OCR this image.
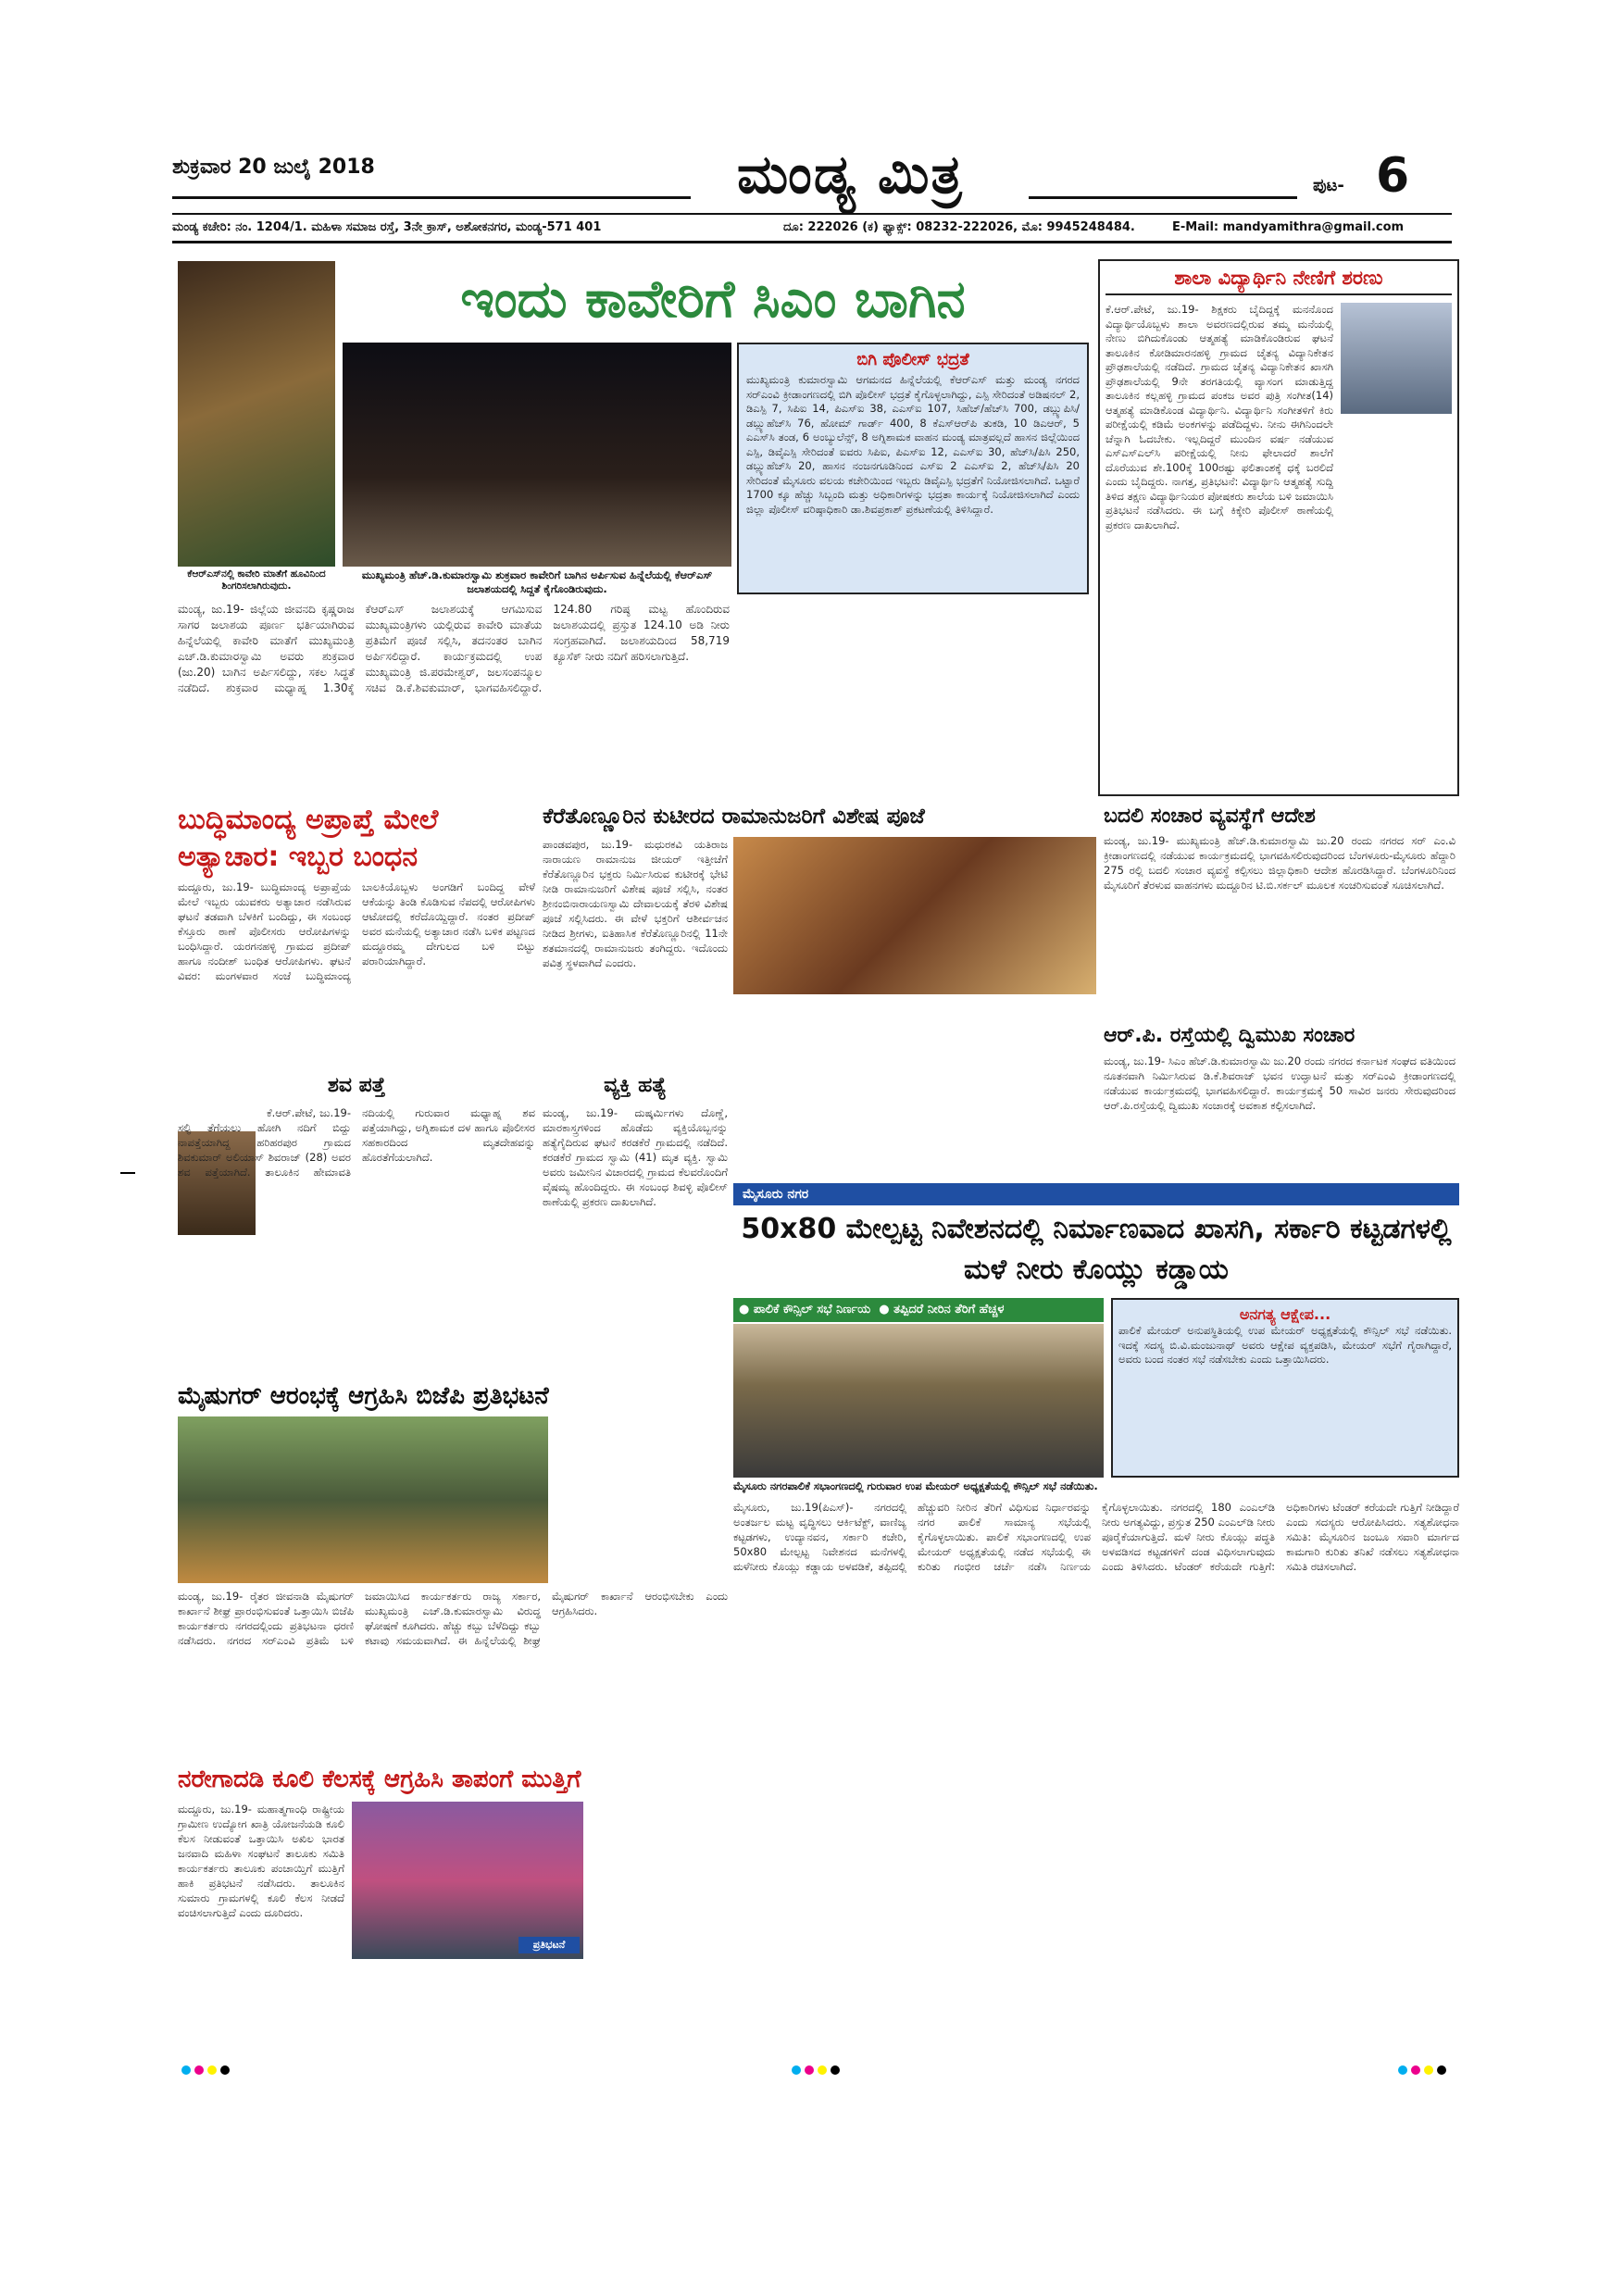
ಶುಕ್ರವಾರ 20 ಜುಲೈ 2018	ಮಂಡ್ಯ ಮಿತ್ರ	ಪುಟ- 6
ಮಂಡ್ಯ ಕಚೇರಿ: ನಂ. 1204/1. ಮಹಿಳಾ ಸಮಾಜ ರಸ್ತೆ, 3ನೇ ಕ್ರಾಸ್, ಅಶೋಕನಗರ, ಮಂಡ್ಯ-571 401	ದೂ: 222026 (ಕ) ಫ್ಯಾಕ್ಸ್: 08232-222026, ಮೊ: 9945248484.	E-Mail: mandyamithra@gmail.com
ಕೆಆರ್‌ಎಸ್‌ನಲ್ಲಿ ಕಾವೇರಿ ಮಾತೆಗೆ ಹೂವಿನಿಂದ ಶಿಂಗರಿಸಲಾಗಿರುವುದು.
ಇಂದು ಕಾವೇರಿಗೆ ಸಿಎಂ ಬಾಗಿನ
ಮುಖ್ಯಮಂತ್ರಿ ಹೆಚ್.ಡಿ.ಕುಮಾರಸ್ವಾಮಿ ಶುಕ್ರವಾರ ಕಾವೇರಿಗೆ ಬಾಗಿನ ಅರ್ಪಿಸುವ ಹಿನ್ನೆಲೆಯಲ್ಲಿ ಕೆಆರ್‌ಎಸ್ ಜಲಾಶಯದಲ್ಲಿ ಸಿದ್ದತೆ ಕೈಗೊಂಡಿರುವುದು.
ಬಿಗಿ ಪೊಲೀಸ್ ಭದ್ರತೆ
ಮುಖ್ಯಮಂತ್ರಿ ಕುಮಾರಸ್ವಾಮಿ ಆಗಮನದ ಹಿನ್ನೆಲೆಯಲ್ಲಿ ಕೆಆರ್‌ಎಸ್ ಮತ್ತು ಮಂಡ್ಯ ನಗರದ ಸರ್‌ಎಂವಿ ಕ್ರೀಡಾಂಗಣದಲ್ಲಿ ಬಿಗಿ ಪೊಲೀಸ್ ಭದ್ರತೆ ಕೈಗೊಳ್ಳಲಾಗಿದ್ದು, ಎಸ್ಪಿ ಸೇರಿದಂತೆ ಅಡಿಷನಲ್ 2, ಡಿಎಸ್ಪಿ 7, ಸಿಪಿಐ 14, ಪಿಎಸ್‌ಐ 38, ಎಎಸ್‌ಐ 107, ಸಿಹೆಚ್/ಹೆಚ್‌ಸಿ 700, ಡಬ್ಲ್ಯುಪಿಸಿ/ಡಬ್ಲ್ಯುಹೆಚ್‌ಸಿ 76, ಹೋಮ್ ಗಾರ್ಡ್ 400, 8 ಕೆಎಸ್‌ಆರ್‌ಪಿ ತುಕಡಿ, 10 ಡಿಎಆರ್, 5 ಎಎಸ್‌ಸಿ ತಂಡ, 6 ಅಂಬ್ಯುಲೆನ್ಸ್, 8 ಅಗ್ನಿಶಾಮಕ ವಾಹನ ಮಂಡ್ಯ ಮಾತ್ರವಲ್ಲದೆ ಹಾಸನ ಜಿಲ್ಲೆಯಿಂದ ಎಸ್ಪಿ, ಡಿವೈಎಸ್ಪಿ ಸೇರಿದಂತೆ ಐವರು ಸಿಪಿಐ, ಪಿಎಸ್‌ಐ 12, ಎಎಸ್‌ಐ 30, ಹೆಚ್‌ಸಿ/ಪಿಸಿ 250, ಡಬ್ಲ್ಯುಹೆಚ್‌ಸಿ 20, ಹಾಸನ ನಂಜನಗೂಡಿನಿಂದ ಎಸ್‌ಐ 2 ಎಎಸ್‌ಐ 2, ಹೆಚ್‌ಸಿ/ಪಿಸಿ 20 ಸೇರಿದಂತೆ ಮೈಸೂರು ವಲಯ ಕಚೇರಿಯಿಂದ ಇಬ್ಬರು ಡಿವೈಎಸ್ಪಿ ಭದ್ರತೆಗೆ ನಿಯೋಜಿಸಲಾಗಿದೆ. ಒಟ್ಟಾರೆ 1700 ಕ್ಕೂ ಹೆಚ್ಚು ಸಿಬ್ಬಂದಿ ಮತ್ತು ಅಧಿಕಾರಿಗಳನ್ನು ಭದ್ರತಾ ಕಾರ್ಯಕ್ಕೆ ನಿಯೋಜಿಸಲಾಗಿದೆ ಎಂದು ಜಿಲ್ಲಾ ಪೊಲೀಸ್ ವರಿಷ್ಠಾಧಿಕಾರಿ ಡಾ.ಶಿವಪ್ರಕಾಶ್ ಪ್ರಕಟಣೆಯಲ್ಲಿ ತಿಳಿಸಿದ್ದಾರೆ.
ಮಂಡ್ಯ, ಜು.19- ಜಿಲ್ಲೆಯ ಜೀವನದಿ ಕೃಷ್ಣರಾಜ ಸಾಗರ ಜಲಾಶಯ ಪೂರ್ಣ ಭರ್ತಿಯಾಗಿರುವ ಹಿನ್ನೆಲೆಯಲ್ಲಿ ಕಾವೇರಿ ಮಾತೆಗೆ ಮುಖ್ಯಮಂತ್ರಿ ಎಚ್.ಡಿ.ಕುಮಾರಸ್ವಾಮಿ ಅವರು ಶುಕ್ರವಾರ (ಜು.20) ಬಾಗಿನ ಅರ್ಪಿಸಲಿದ್ದು, ಸಕಲ ಸಿದ್ಧತೆ ನಡೆದಿದೆ. ಶುಕ್ರವಾರ ಮಧ್ಯಾಹ್ನ 1.30ಕ್ಕೆ ಕೆಆರ್‌ಎಸ್ ಜಲಾಶಯಕ್ಕೆ ಆಗಮಿಸುವ ಮುಖ್ಯಮಂತ್ರಿಗಳು ಯಲ್ಲಿರುವ ಕಾವೇರಿ ಮಾತೆಯ ಪ್ರತಿಮೆಗೆ ಪೂಜೆ ಸಲ್ಲಿಸಿ, ತದನಂತರ ಬಾಗಿನ ಅರ್ಪಿಸಲಿದ್ದಾರೆ. ಕಾರ್ಯಕ್ರಮದಲ್ಲಿ ಉಪ ಮುಖ್ಯಮಂತ್ರಿ ಜಿ.ಪರಮೇಶ್ವರ್, ಜಲಸಂಪನ್ಮೂಲ ಸಚಿವ ಡಿ.ಕೆ.ಶಿವಕುಮಾರ್, ಭಾಗವಹಿಸಲಿದ್ದಾರೆ. 124.80 ಗರಿಷ್ಠ ಮಟ್ಟ ಹೊಂದಿರುವ ಜಲಾಶಯದಲ್ಲಿ ಪ್ರಸ್ತುತ 124.10 ಅಡಿ ನೀರು ಸಂಗ್ರಹವಾಗಿದೆ. ಜಲಾಶಯದಿಂದ 58,719 ಕ್ಯೂಸೆಕ್ ನೀರು ನದಿಗೆ ಹರಿಸಲಾಗುತ್ತಿದೆ.
ಶಾಲಾ ವಿದ್ಯಾರ್ಥಿನಿ ನೇಣಿಗೆ ಶರಣು
ಕೆ.ಆರ್.ಪೇಟೆ, ಜು.19- ಶಿಕ್ಷಕರು ಬೈದಿದ್ದಕ್ಕೆ ಮನನೊಂದ ವಿದ್ಯಾರ್ಥಿಯೊಬ್ಬಳು ಶಾಲಾ ಅವರಣದಲ್ಲಿರುವ ತಮ್ಮ ಮನೆಯಲ್ಲಿ ನೇಣು ಬಿಗಿದುಕೊಂಡು ಆತ್ಮಹತ್ಯೆ ಮಾಡಿಕೊಂಡಿರುವ ಘಟನೆ ತಾಲೂಕಿನ ಕೋಡಿಮಾರನಹಳ್ಳಿ ಗ್ರಾಮದ ಚೈತನ್ಯ ವಿದ್ಯಾನಿಕೇತನ ಪ್ರೌಢಶಾಲೆಯಲ್ಲಿ ನಡೆದಿದೆ. ಗ್ರಾಮದ ಚೈತನ್ಯ ವಿದ್ಯಾನಿಕೇತನ ಖಾಸಗಿ ಪ್ರೌಢಶಾಲೆಯಲ್ಲಿ 9ನೇ ತರಗತಿಯಲ್ಲಿ ವ್ಯಾಸಂಗ ಮಾಡುತ್ತಿದ್ದ ತಾಲೂಕಿನ ಕಲ್ಲಹಳ್ಳಿ ಗ್ರಾಮದ ಪಂಕಜ ಅವರ ಪುತ್ರಿ ಸಂಗೀತ(14) ಆತ್ಮಹತ್ಯೆ ಮಾಡಿಕೊಂಡ ವಿದ್ಯಾರ್ಥಿನಿ. ವಿದ್ಯಾರ್ಥಿನಿ ಸಂಗೀತಳಿಗೆ ಕಿರು ಪರೀಕ್ಷೆಯಲ್ಲಿ ಕಡಿಮೆ ಅಂಕಗಳನ್ನು ಪಡೆದಿದ್ದಳು. ನೀನು ಈಗಿನಿಂದಲೇ ಚೆನ್ನಾಗಿ ಓದಬೇಕು. ಇಲ್ಲದಿದ್ದರೆ ಮುಂದಿನ ವರ್ಷ ನಡೆಯುವ ಎಸ್‌ಎಸ್‌ಎಲ್‌ಸಿ ಪರೀಕ್ಷೆಯಲ್ಲಿ ನೀನು ಫೇಲಾದರೆ ಶಾಲೆಗೆ ದೊರೆಯುವ ಶೇ.100ಕ್ಕೆ 100ರಷ್ಟು ಫಲಿತಾಂಶಕ್ಕೆ ಧಕ್ಕೆ ಬರಲಿದೆ ಎಂದು ಬೈದಿದ್ದರು. ನಾಗತ್ತ, ಪ್ರತಿಭಟನೆ: ವಿದ್ಯಾರ್ಥಿನಿ ಆತ್ಮಹತ್ಯೆ ಸುದ್ದಿ ತಿಳಿದ ತಕ್ಷಣ ವಿದ್ಯಾರ್ಥಿನಿಯರ ಪೋಷಕರು ಶಾಲೆಯ ಬಳಿ ಜಮಾಯಿಸಿ ಪ್ರತಿಭಟನೆ ನಡೆಸಿದರು. ಈ ಬಗ್ಗೆ ಕಿಕ್ಕೇರಿ ಪೊಲೀಸ್ ಠಾಣೆಯಲ್ಲಿ ಪ್ರಕರಣ ದಾಖಲಾಗಿದೆ.
ಬುದ್ಧಿಮಾಂದ್ಯ ಅಪ್ರಾಪ್ತೆ ಮೇಲೆ ಅತ್ಯಾಚಾರ: ಇಬ್ಬರ ಬಂಧನ
ಮದ್ದೂರು, ಜು.19- ಬುದ್ಧಿಮಾಂದ್ಯ ಅಪ್ರಾಪ್ತೆಯ ಮೇಲೆ ಇಬ್ಬರು ಯುವಕರು ಅತ್ಯಾಚಾರ ನಡೆಸಿರುವ ಘಟನೆ ತಡವಾಗಿ ಬೆಳಕಿಗೆ ಬಂದಿದ್ದು, ಈ ಸಂಬಂಧ ಕೆಸ್ತೂರು ಠಾಣೆ ಪೊಲೀಸರು ಆರೋಪಿಗಳನ್ನು ಬಂಧಿಸಿದ್ದಾರೆ. ಯರಗನಹಳ್ಳಿ ಗ್ರಾಮದ ಪ್ರದೀಪ್ ಹಾಗೂ ನಂದೀಶ್ ಬಂಧಿತ ಆರೋಪಿಗಳು. ಘಟನೆ ವಿವರ: ಮಂಗಳವಾರ ಸಂಜೆ ಬುದ್ಧಿಮಾಂದ್ಯ ಬಾಲಕಿಯೊಬ್ಬಳು ಅಂಗಡಿಗೆ ಬಂದಿದ್ದ ವೇಳೆ ಆಕೆಯನ್ನು ತಿಂಡಿ ಕೊಡಿಸುವ ನೆಪದಲ್ಲಿ ಆರೋಪಿಗಳು ಆಟೋದಲ್ಲಿ ಕರೆದೊಯ್ದಿದ್ದಾರೆ. ನಂತರ ಪ್ರದೀಪ್ ಅವರ ಮನೆಯಲ್ಲಿ ಅತ್ಯಾಚಾರ ನಡೆಸಿ ಬಳಿಕ ಪಟ್ಟಣದ ಮದ್ದೂರಮ್ಮ ದೇಗುಲದ ಬಳಿ ಬಿಟ್ಟು ಪರಾರಿಯಾಗಿದ್ದಾರೆ.
ಕೆರೆತೊಣ್ಣೂರಿನ ಕುಟೀರದ ರಾಮಾನುಜರಿಗೆ ವಿಶೇಷ ಪೂಜೆ
ಪಾಂಡವಪುರ, ಜು.19- ಮಧುರಕವಿ ಯತಿರಾಜ ನಾರಾಯಣ ರಾಮಾನುಜ ಜೀಯರ್ ಇತ್ತೀಚೆಗೆ ಕೆರೆತೊಣ್ಣೂರಿನ ಭಕ್ತರು ನಿರ್ಮಿಸಿರುವ ಕುಟೀರಕ್ಕೆ ಭೇಟಿ ನೀಡಿ ರಾಮಾನುಜರಿಗೆ ವಿಶೇಷ ಪೂಜೆ ಸಲ್ಲಿಸಿ, ನಂತರ ಶ್ರೀನಂಬಿನಾರಾಯಣಸ್ವಾಮಿ ದೇವಾಲಯಕ್ಕೆ ತೆರಳಿ ವಿಶೇಷ ಪೂಜೆ ಸಲ್ಲಿಸಿದರು. ಈ ವೇಳೆ ಭಕ್ತರಿಗೆ ಆಶೀರ್ವಚನ ನೀಡಿದ ಶ್ರೀಗಳು, ಐತಿಹಾಸಿಕ ಕೆರೆತೊಣ್ಣೂರಿನಲ್ಲಿ 11ನೇ ಶತಮಾನದಲ್ಲಿ ರಾಮಾನುಜರು ತಂಗಿದ್ದರು. ಇದೊಂದು ಪವಿತ್ರ ಸ್ಥಳವಾಗಿದೆ ಎಂದರು.
ಬದಲಿ ಸಂಚಾರ ವ್ಯವಸ್ಥೆಗೆ ಆದೇಶ
ಮಂಡ್ಯ, ಜು.19- ಮುಖ್ಯಮಂತ್ರಿ ಹೆಚ್.ಡಿ.ಕುಮಾರಸ್ವಾಮಿ ಜು.20 ರಂದು ನಗರದ ಸರ್ ಎಂ.ವಿ ಕ್ರೀಡಾಂಗಣದಲ್ಲಿ ನಡೆಯುವ ಕಾರ್ಯಕ್ರಮದಲ್ಲಿ ಭಾಗವಹಿಸಲಿರುವುದರಿಂದ ಬೆಂಗಳೂರು-ಮೈಸೂರು ಹೆದ್ದಾರಿ 275 ರಲ್ಲಿ ಬದಲಿ ಸಂಚಾರ ವ್ಯವಸ್ಥೆ ಕಲ್ಪಿಸಲು ಜಿಲ್ಲಾಧಿಕಾರಿ ಆದೇಶ ಹೊರಡಿಸಿದ್ದಾರೆ. ಬೆಂಗಳೂರಿನಿಂದ ಮೈಸೂರಿಗೆ ತೆರಳುವ ವಾಹನಗಳು ಮದ್ದೂರಿನ ಟಿ.ಬಿ.ಸರ್ಕಲ್ ಮೂಲಕ ಸಂಚರಿಸುವಂತೆ ಸೂಚಿಸಲಾಗಿದೆ.
ಆರ್.ಪಿ. ರಸ್ತೆಯಲ್ಲಿ ದ್ವಿಮುಖ ಸಂಚಾರ
ಮಂಡ್ಯ, ಜು.19- ಸಿಎಂ ಹೆಚ್.ಡಿ.ಕುಮಾರಸ್ವಾಮಿ ಜು.20 ರಂದು ನಗರದ ಕರ್ನಾಟಕ ಸಂಘದ ವತಿಯಿಂದ ನೂತನವಾಗಿ ನಿರ್ಮಿಸಿರುವ ಡಿ.ಕೆ.ಶಿವರಾಜ್ ಭವನ ಉದ್ಘಾಟನೆ ಮತ್ತು ಸರ್‌ಎಂವಿ ಕ್ರೀಡಾಂಗಣದಲ್ಲಿ ನಡೆಯುವ ಕಾರ್ಯಕ್ರಮದಲ್ಲಿ ಭಾಗವಹಿಸಲಿದ್ದಾರೆ. ಕಾರ್ಯಕ್ರಮಕ್ಕೆ 50 ಸಾವಿರ ಜನರು ಸೇರುವುದರಿಂದ ಆರ್.ಪಿ.ರಸ್ತೆಯಲ್ಲಿ ದ್ವಿಮುಖ ಸಂಚಾರಕ್ಕೆ ಅವಕಾಶ ಕಲ್ಪಿಸಲಾಗಿದೆ.
ಶವ ಪತ್ತೆ
ಕೆ.ಆರ್.ಪೇಟೆ, ಜು.19- ಸಲ್ಫಿ ತೆಗೆಯಲು ಹೋಗಿ ನದಿಗೆ ಬಿದ್ದು ನಾಪತ್ತೆಯಾಗಿದ್ದ ಹರಿಹರಪುರ ಗ್ರಾಮದ ಶಿವಕುಮಾರ್ ಅಲಿಯಾಸ್ ಶಿವರಾಜ್ (28) ಅವರ ಶವ ಪತ್ತೆಯಾಗಿದೆ. ತಾಲೂಕಿನ ಹೇಮಾವತಿ ನದಿಯಲ್ಲಿ ಗುರುವಾರ ಮಧ್ಯಾಹ್ನ ಶವ ಪತ್ತೆಯಾಗಿದ್ದು, ಅಗ್ನಿಶಾಮಕ ದಳ ಹಾಗೂ ಪೊಲೀಸರ ಸಹಕಾರದಿಂದ ಮೃತದೇಹವನ್ನು ಹೊರತೆಗೆಯಲಾಗಿದೆ.
ವ್ಯಕ್ತಿ ಹತ್ಯೆ
ಮಂಡ್ಯ, ಜು.19- ದುಷ್ಕರ್ಮಿಗಳು ದೊಣ್ಣೆ, ಮಾರಕಾಸ್ತ್ರಗಳಿಂದ ಹೊಡೆದು ವ್ಯಕ್ತಿಯೊಬ್ಬನನ್ನು ಹತ್ಯೆಗೈದಿರುವ ಘಟನೆ ಕರಡಕೆರೆ ಗ್ರಾಮದಲ್ಲಿ ನಡೆದಿದೆ. ಕರಡಕೆರೆ ಗ್ರಾಮದ ಸ್ವಾಮಿ (41) ಮೃತ ವ್ಯಕ್ತಿ. ಸ್ವಾಮಿ ಅವರು ಜಮೀನಿನ ವಿಚಾರದಲ್ಲಿ ಗ್ರಾಮದ ಕೆಲವರೊಂದಿಗೆ ವೈಷಮ್ಯ ಹೊಂದಿದ್ದರು. ಈ ಸಂಬಂಧ ಶಿವಳ್ಳಿ ಪೊಲೀಸ್ ಠಾಣೆಯಲ್ಲಿ ಪ್ರಕರಣ ದಾಖಲಾಗಿದೆ.	ಮೈಸೂರು ನಗರ
50x80 ಮೇಲ್ಪಟ್ಟ ನಿವೇಶನದಲ್ಲಿ ನಿರ್ಮಾಣವಾದ ಖಾಸಗಿ, ಸರ್ಕಾರಿ ಕಟ್ಟಡಗಳಲ್ಲಿ ಮಳೆ ನೀರು ಕೊಯ್ಲು ಕಡ್ಡಾಯ
● ಪಾಲಿಕೆ ಕೌನ್ಸಿಲ್ ಸಭೆ ನಿರ್ಣಯ  ● ತಪ್ಪಿದರೆ ನೀರಿನ ತೆರಿಗೆ ಹೆಚ್ಚಳ
ಮೈಸೂರು ನಗರಪಾಲಿಕೆ ಸಭಾಂಗಣದಲ್ಲಿ ಗುರುವಾರ ಉಪ ಮೇಯರ್ ಅಧ್ಯಕ್ಷತೆಯಲ್ಲಿ ಕೌನ್ಸಿಲ್ ಸಭೆ ನಡೆಯಿತು.
ಅನಗತ್ಯ ಆಕ್ಷೇಪ...
ಪಾಲಿಕೆ ಮೇಯರ್ ಅನುಪಸ್ಥಿತಿಯಲ್ಲಿ ಉಪ ಮೇಯರ್ ಅಧ್ಯಕ್ಷತೆಯಲ್ಲಿ ಕೌನ್ಸಿಲ್ ಸಭೆ ನಡೆಯಿತು. ಇದಕ್ಕೆ ಸದಸ್ಯ ಬಿ.ವಿ.ಮಂಜುನಾಥ್ ಅವರು ಆಕ್ಷೇಪ ವ್ಯಕ್ತಪಡಿಸಿ, ಮೇಯರ್ ಸಭೆಗೆ ಗೈರಾಗಿದ್ದಾರೆ, ಅವರು ಬಂದ ನಂತರ ಸಭೆ ನಡೆಸಬೇಕು ಎಂದು ಒತ್ತಾಯಿಸಿದರು.
ಮೈಸೂರು, ಜು.19(ಪಿಎಸ್)- ನಗರದಲ್ಲಿ ಅಂತರ್ಜಲ ಮಟ್ಟ ವೃದ್ಧಿಸಲು ಆರ್ಕಿಟೆಕ್ಟ್, ವಾಣಿಜ್ಯ ಕಟ್ಟಡಗಳು, ಉದ್ಯಾನವನ, ಸರ್ಕಾರಿ ಕಚೇರಿ, 50x80 ಮೇಲ್ಪಟ್ಟ ನಿವೇಶನದ ಮನೆಗಳಲ್ಲಿ ಮಳೆನೀರು ಕೊಯ್ಲು ಕಡ್ಡಾಯ ಅಳವಡಿಕೆ, ತಪ್ಪಿದಲ್ಲಿ ಹೆಚ್ಚುವರಿ ನೀರಿನ ತೆರಿಗೆ ವಿಧಿಸುವ ನಿರ್ಧಾರವನ್ನು ನಗರ ಪಾಲಿಕೆ ಸಾಮಾನ್ಯ ಸಭೆಯಲ್ಲಿ ಕೈಗೊಳ್ಳಲಾಯಿತು. ಪಾಲಿಕೆ ಸಭಾಂಗಣದಲ್ಲಿ ಉಪ ಮೇಯರ್ ಅಧ್ಯಕ್ಷತೆಯಲ್ಲಿ ನಡೆದ ಸಭೆಯಲ್ಲಿ ಈ ಕುರಿತು ಗಂಭೀರ ಚರ್ಚೆ ನಡೆಸಿ ನಿರ್ಣಯ ಕೈಗೊಳ್ಳಲಾಯಿತು. ನಗರದಲ್ಲಿ 180 ಎಂಎಲ್‌ಡಿ ನೀರು ಅಗತ್ಯವಿದ್ದು, ಪ್ರಸ್ತುತ 250 ಎಂಎಲ್‌ಡಿ ನೀರು ಪೂರೈಕೆಯಾಗುತ್ತಿದೆ. ಮಳೆ ನೀರು ಕೊಯ್ಲು ಪದ್ಧತಿ ಅಳವಡಿಸದ ಕಟ್ಟಡಗಳಿಗೆ ದಂಡ ವಿಧಿಸಲಾಗುವುದು ಎಂದು ತಿಳಿಸಿದರು. ಟೆಂಡರ್ ಕರೆಯದೇ ಗುತ್ತಿಗೆ: ಅಧಿಕಾರಿಗಳು ಟೆಂಡರ್ ಕರೆಯದೇ ಗುತ್ತಿಗೆ ನೀಡಿದ್ದಾರೆ ಎಂದು ಸದಸ್ಯರು ಆರೋಪಿಸಿದರು. ಸತ್ಯಶೋಧನಾ ಸಮಿತಿ: ಮೈಸೂರಿನ ಜಂಬೂ ಸವಾರಿ ಮಾರ್ಗದ ಕಾಮಗಾರಿ ಕುರಿತು ತನಿಖೆ ನಡೆಸಲು ಸತ್ಯಶೋಧನಾ ಸಮಿತಿ ರಚಿಸಲಾಗಿದೆ.
ಮೈಷುಗರ್ ಆರಂಭಕ್ಕೆ ಆಗ್ರಹಿಸಿ ಬಿಜೆಪಿ ಪ್ರತಿಭಟನೆ
ಮಂಡ್ಯ, ಜು.19- ರೈತರ ಜೀವನಾಡಿ ಮೈಷುಗರ್ ಕಾರ್ಖಾನೆ ಶೀಘ್ರ ಪ್ರಾರಂಭಿಸುವಂತೆ ಒತ್ತಾಯಿಸಿ ಬಿಜೆಪಿ ಕಾರ್ಯಕರ್ತರು ನಗರದಲ್ಲಿಂದು ಪ್ರತಿಭಟನಾ ಧರಣಿ ನಡೆಸಿದರು. ನಗರದ ಸರ್‌ಎಂವಿ ಪ್ರತಿಮೆ ಬಳಿ ಜಮಾಯಿಸಿದ ಕಾರ್ಯಕರ್ತರು ರಾಜ್ಯ ಸರ್ಕಾರ, ಮುಖ್ಯಮಂತ್ರಿ ಎಚ್.ಡಿ.ಕುಮಾರಸ್ವಾಮಿ ವಿರುದ್ಧ ಘೋಷಣೆ ಕೂಗಿದರು. ಹೆಚ್ಚು ಕಬ್ಬು ಬೆಳೆದಿದ್ದು ಕಬ್ಬು ಕಟಾವು ಸಮಯವಾಗಿದೆ. ಈ ಹಿನ್ನೆಲೆಯಲ್ಲಿ ಶೀಘ್ರ ಮೈಷುಗರ್ ಕಾರ್ಖಾನೆ ಆರಂಭಿಸಬೇಕು ಎಂದು ಆಗ್ರಹಿಸಿದರು.
ನರೇಗಾದಡಿ ಕೂಲಿ ಕೆಲಸಕ್ಕೆ ಆಗ್ರಹಿಸಿ ತಾಪಂಗೆ ಮುತ್ತಿಗೆ
ಪ್ರತಿಭಟನೆ
ಮದ್ದೂರು, ಜು.19- ಮಹಾತ್ಮಗಾಂಧಿ ರಾಷ್ಟ್ರೀಯ ಗ್ರಾಮೀಣ ಉದ್ಯೋಗ ಖಾತ್ರಿ ಯೋಜನೆಯಡಿ ಕೂಲಿ ಕೆಲಸ ನೀಡುವಂತೆ ಒತ್ತಾಯಿಸಿ ಅಖಿಲ ಭಾರತ ಜನವಾದಿ ಮಹಿಳಾ ಸಂಘಟನೆ ತಾಲೂಕು ಸಮಿತಿ ಕಾರ್ಯಕರ್ತರು ತಾಲೂಕು ಪಂಚಾಯ್ತಿಗೆ ಮುತ್ತಿಗೆ ಹಾಕಿ ಪ್ರತಿಭಟನೆ ನಡೆಸಿದರು. ತಾಲೂಕಿನ ಸುಮಾರು ಗ್ರಾಮಗಳಲ್ಲಿ ಕೂಲಿ ಕೆಲಸ ನೀಡದೆ ವಂಚಿಸಲಾಗುತ್ತಿದೆ ಎಂದು ದೂರಿದರು.
